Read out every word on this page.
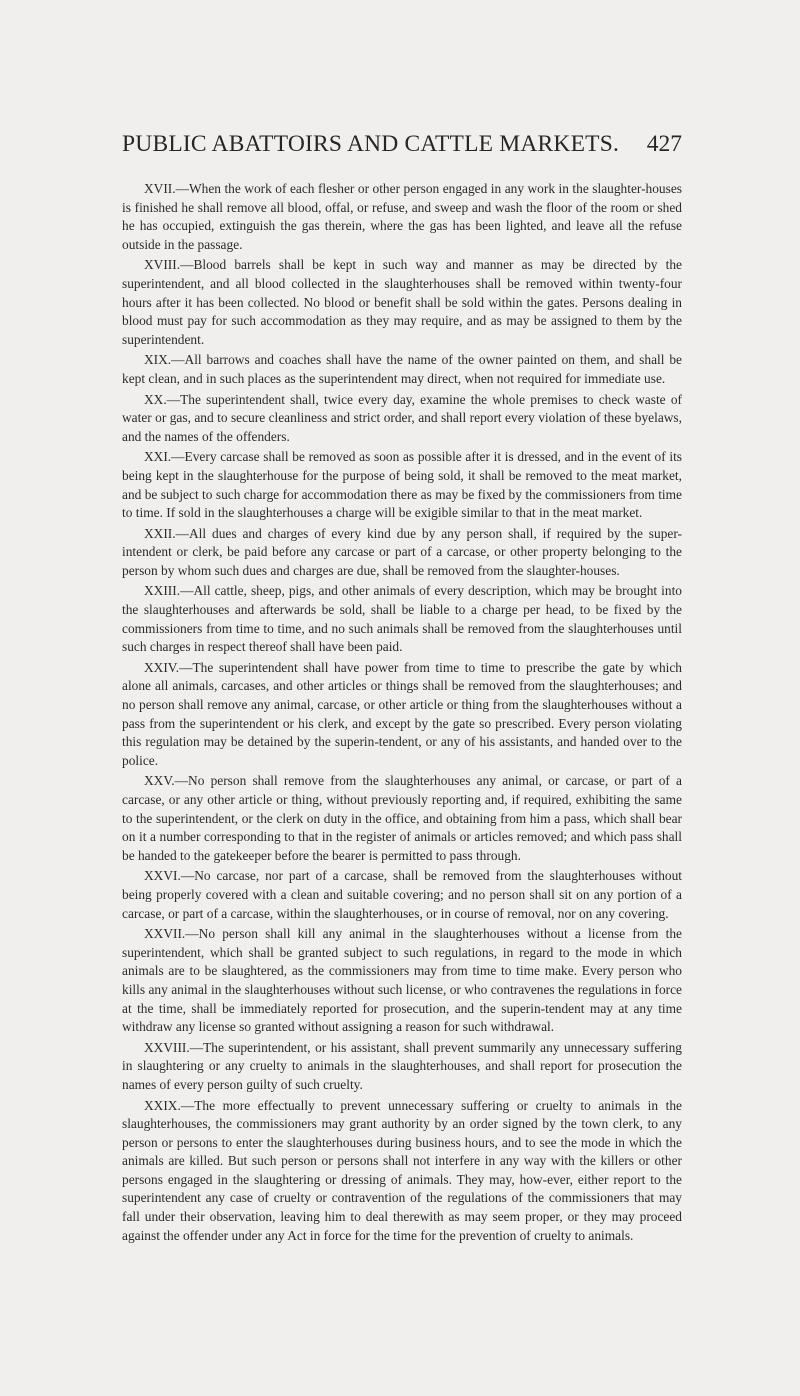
PUBLIC ABATTOIRS AND CATTLE MARKETS. 427

XVII.—When the work of each flesher or other person engaged in any work in the slaughter-houses is finished he shall remove all blood, offal, or refuse, and sweep and wash the floor of the room or shed he has occupied, extinguish the gas therein, where the gas has been lighted, and leave all the refuse outside in the passage.

XVIII.—Blood barrels shall be kept in such way and manner as may be directed by the superintendent, and all blood collected in the slaughterhouses shall be removed within twenty-four hours after it has been collected. No blood or benefit shall be sold within the gates. Persons dealing in blood must pay for such accommodation as they may require, and as may be assigned to them by the superintendent.

XIX.—All barrows and coaches shall have the name of the owner painted on them, and shall be kept clean, and in such places as the superintendent may direct, when not required for immediate use.

XX.—The superintendent shall, twice every day, examine the whole premises to check waste of water or gas, and to secure cleanliness and strict order, and shall report every violation of these byelaws, and the names of the offenders.

XXI.—Every carcase shall be removed as soon as possible after it is dressed, and in the event of its being kept in the slaughterhouse for the purpose of being sold, it shall be removed to the meat market, and be subject to such charge for accommodation there as may be fixed by the commissioners from time to time. If sold in the slaughterhouses a charge will be exigible similar to that in the meat market.

XXII.—All dues and charges of every kind due by any person shall, if required by the super-intendent or clerk, be paid before any carcase or part of a carcase, or other property belonging to the person by whom such dues and charges are due, shall be removed from the slaughter-houses.

XXIII.—All cattle, sheep, pigs, and other animals of every description, which may be brought into the slaughterhouses and afterwards be sold, shall be liable to a charge per head, to be fixed by the commissioners from time to time, and no such animals shall be removed from the slaughterhouses until such charges in respect thereof shall have been paid.

XXIV.—The superintendent shall have power from time to time to prescribe the gate by which alone all animals, carcases, and other articles or things shall be removed from the slaughterhouses; and no person shall remove any animal, carcase, or other article or thing from the slaughterhouses without a pass from the superintendent or his clerk, and except by the gate so prescribed. Every person violating this regulation may be detained by the superin-tendent, or any of his assistants, and handed over to the police.

XXV.—No person shall remove from the slaughterhouses any animal, or carcase, or part of a carcase, or any other article or thing, without previously reporting and, if required, exhibiting the same to the superintendent, or the clerk on duty in the office, and obtaining from him a pass, which shall bear on it a number corresponding to that in the register of animals or articles removed; and which pass shall be handed to the gatekeeper before the bearer is permitted to pass through.

XXVI.—No carcase, nor part of a carcase, shall be removed from the slaughterhouses without being properly covered with a clean and suitable covering; and no person shall sit on any portion of a carcase, or part of a carcase, within the slaughterhouses, or in course of removal, nor on any covering.

XXVII.—No person shall kill any animal in the slaughterhouses without a license from the superintendent, which shall be granted subject to such regulations, in regard to the mode in which animals are to be slaughtered, as the commissioners may from time to time make. Every person who kills any animal in the slaughterhouses without such license, or who contravenes the regulations in force at the time, shall be immediately reported for prosecution, and the superin-tendent may at any time withdraw any license so granted without assigning a reason for such withdrawal.

XXVIII.—The superintendent, or his assistant, shall prevent summarily any unnecessary suffering in slaughtering or any cruelty to animals in the slaughterhouses, and shall report for prosecution the names of every person guilty of such cruelty.

XXIX.—The more effectually to prevent unnecessary suffering or cruelty to animals in the slaughterhouses, the commissioners may grant authority by an order signed by the town clerk, to any person or persons to enter the slaughterhouses during business hours, and to see the mode in which the animals are killed. But such person or persons shall not interfere in any way with the killers or other persons engaged in the slaughtering or dressing of animals. They may, how-ever, either report to the superintendent any case of cruelty or contravention of the regulations of the commissioners that may fall under their observation, leaving him to deal therewith as may seem proper, or they may proceed against the offender under any Act in force for the time for the prevention of cruelty to animals.
